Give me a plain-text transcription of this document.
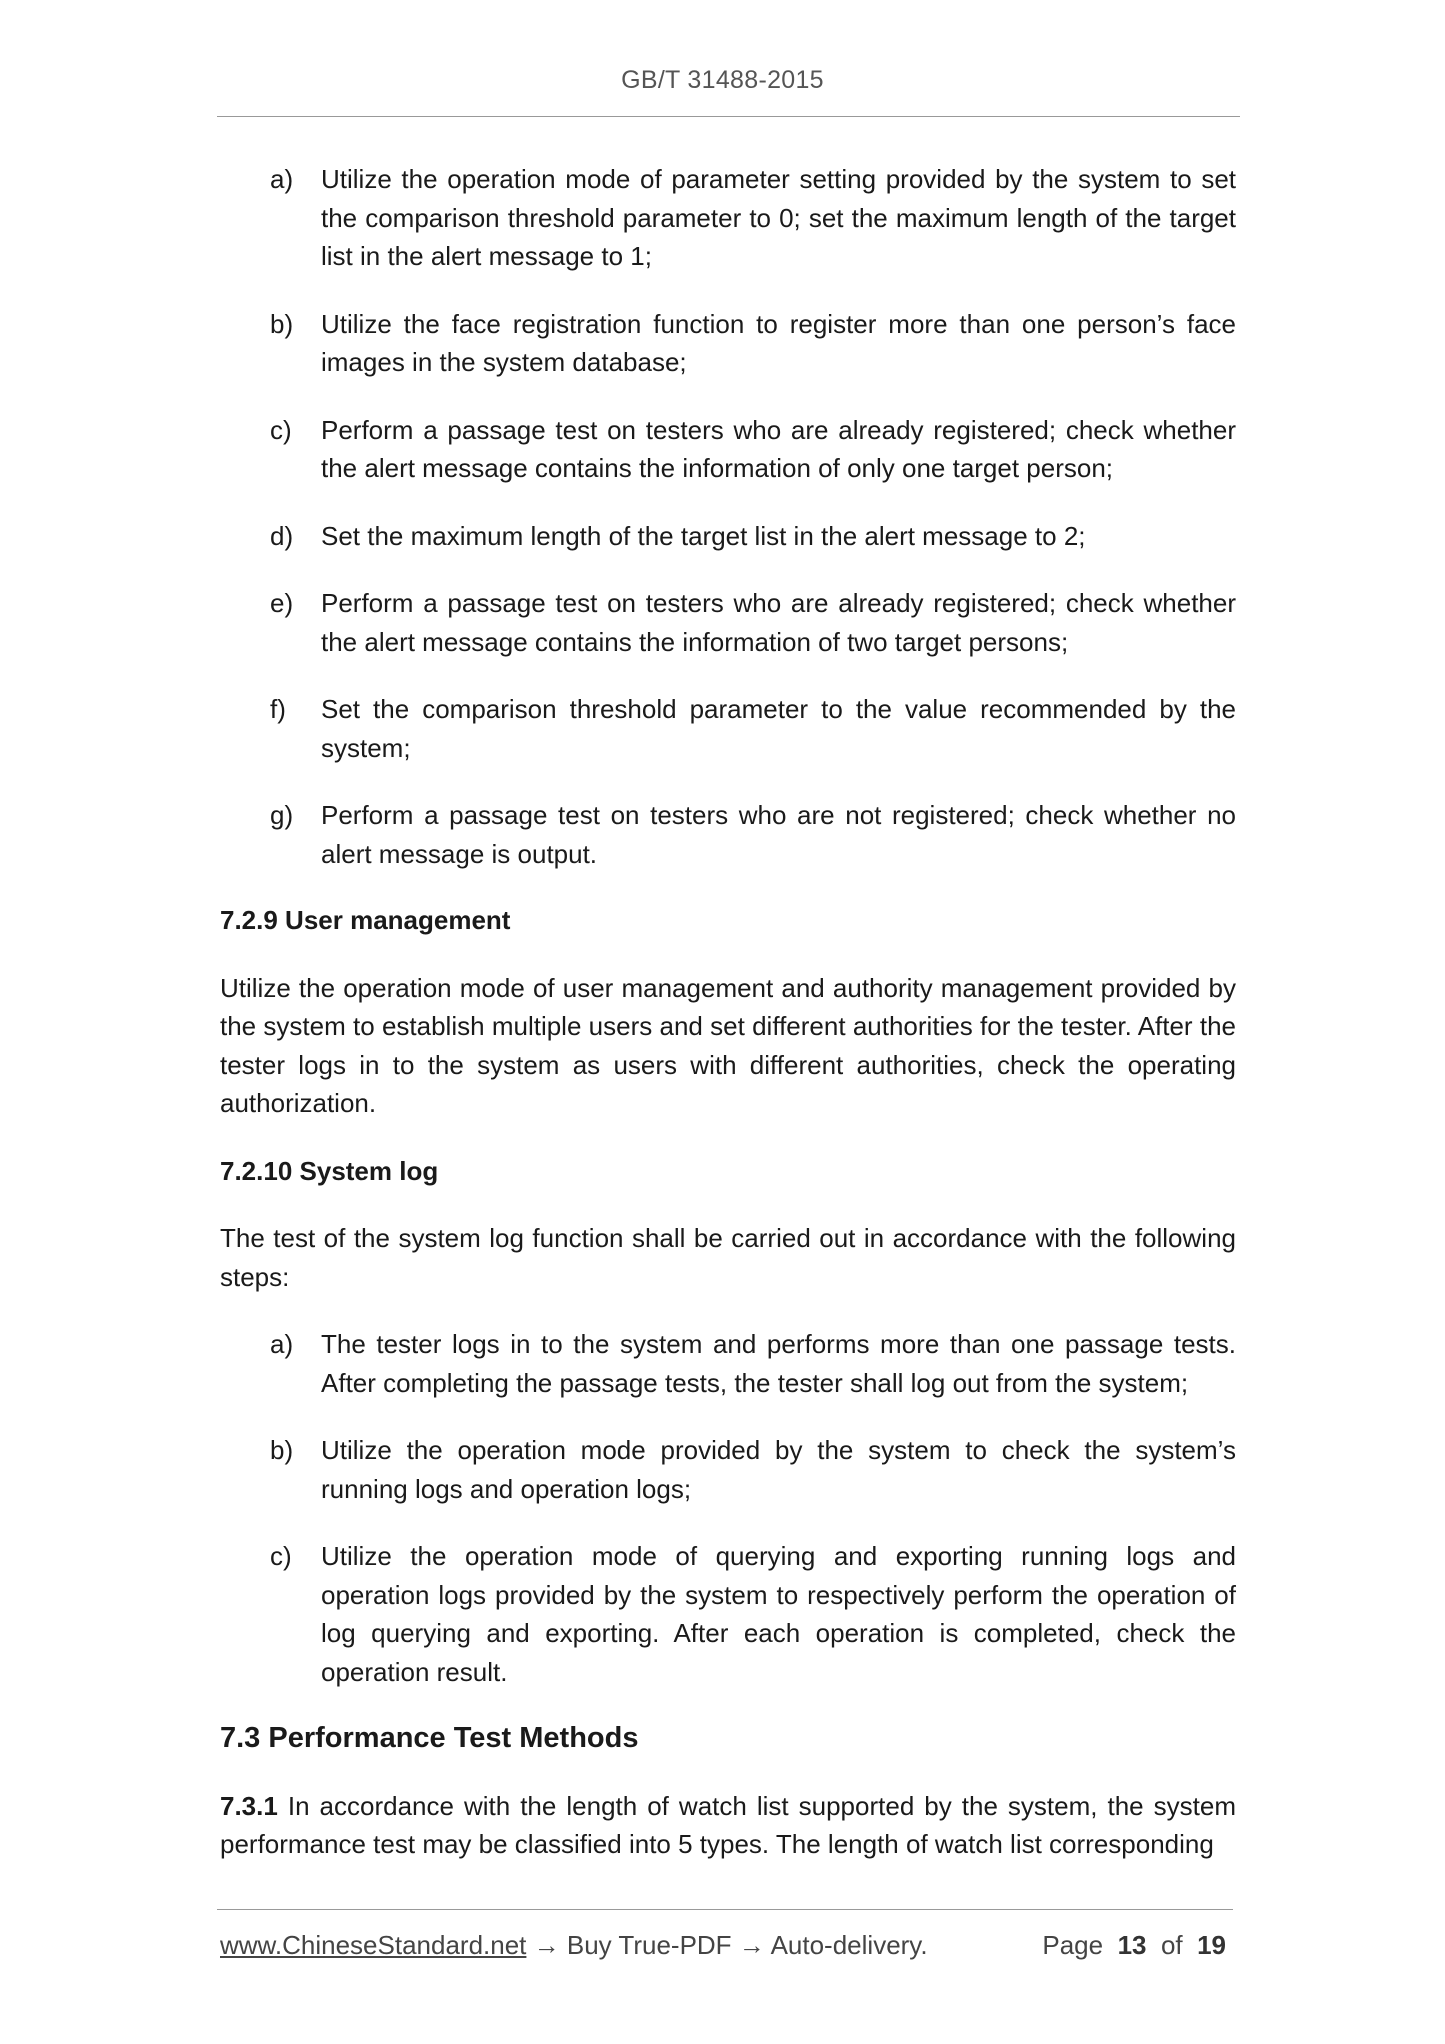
GB/T 31488-2015
a)	Utilize the operation mode of parameter setting provided by the system to set the comparison threshold parameter to 0; set the maximum length of the target list in the alert message to 1;
b)	Utilize the face registration function to register more than one person’s face images in the system database;
c)	Perform a passage test on testers who are already registered; check whether the alert message contains the information of only one target person;
d)	Set the maximum length of the target list in the alert message to 2;
e)	Perform a passage test on testers who are already registered; check whether the alert message contains the information of two target persons;
f)	Set the comparison threshold parameter to the value recommended by the system;
g)	Perform a passage test on testers who are not registered; check whether no alert message is output.
7.2.9 User management
Utilize the operation mode of user management and authority management provided by the system to establish multiple users and set different authorities for the tester. After the tester logs in to the system as users with different authorities, check the operating authorization.
7.2.10 System log
The test of the system log function shall be carried out in accordance with the following steps:
a)	The tester logs in to the system and performs more than one passage tests. After completing the passage tests, the tester shall log out from the system;
b)	Utilize the operation mode provided by the system to check the system’s running logs and operation logs;
c)	Utilize the operation mode of querying and exporting running logs and operation logs provided by the system to respectively perform the operation of log querying and exporting. After each operation is completed, check the operation result.
7.3 Performance Test Methods
7.3.1 In accordance with the length of watch list supported by the system, the system performance test may be classified into 5 types. The length of watch list corresponding
www.ChineseStandard.net → Buy True-PDF → Auto-delivery.	Page 13 of 19
